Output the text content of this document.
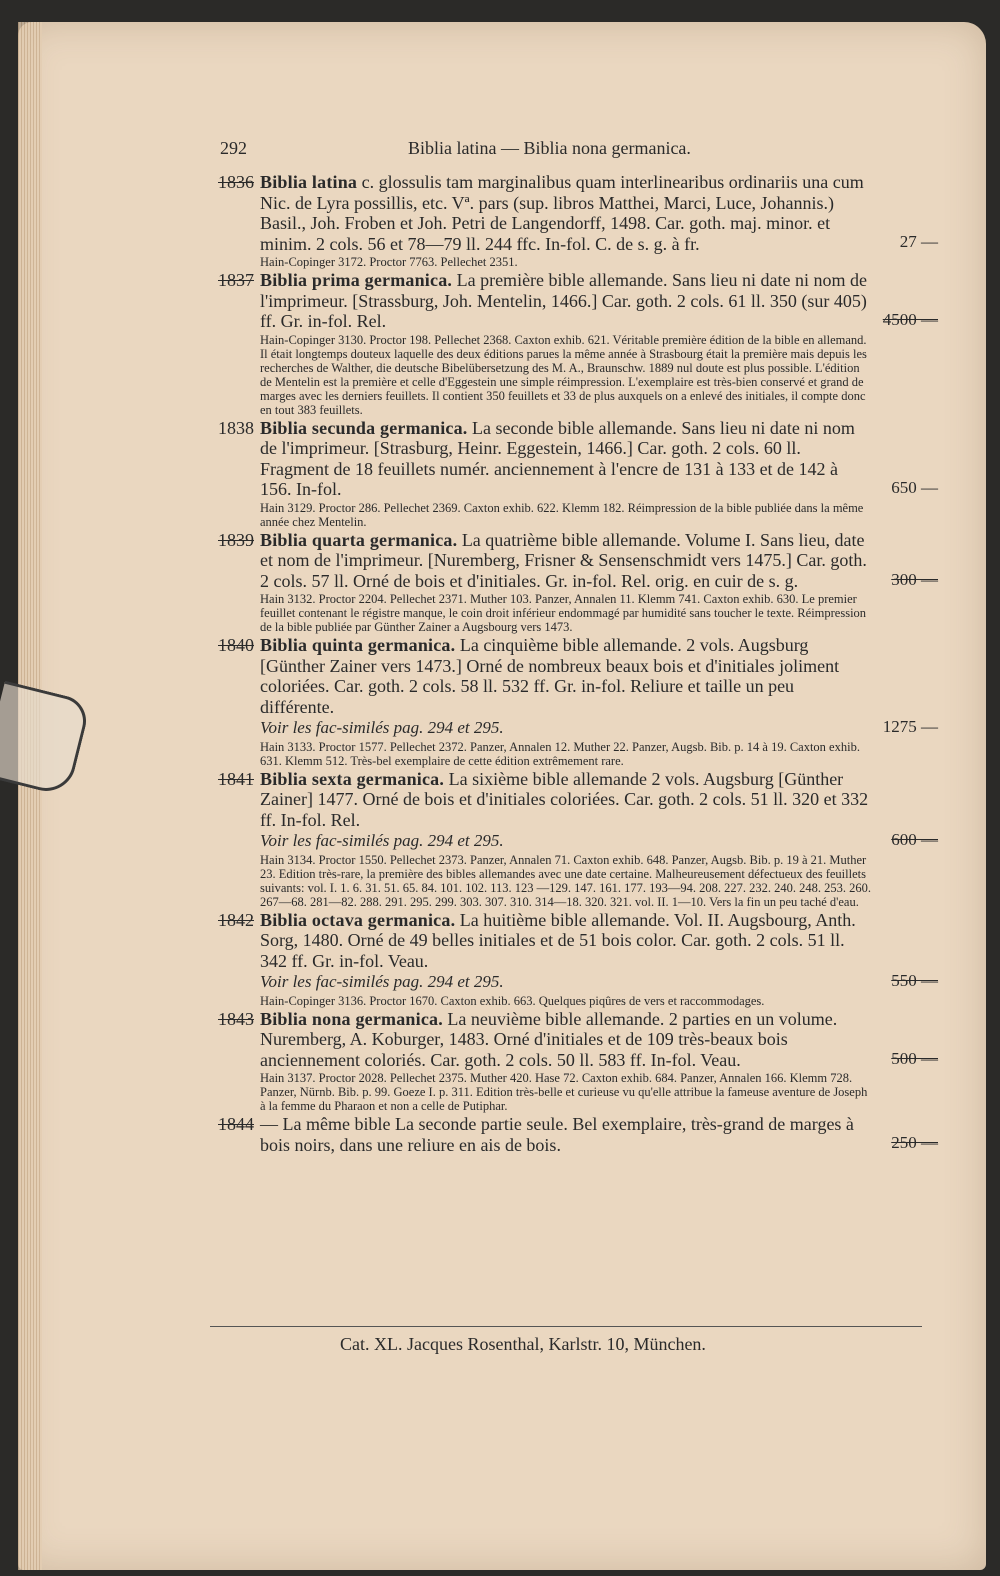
292	Biblia latina — Biblia nona germanica.
1836 Biblia latina c. glossulis tam marginalibus quam interlinearibus ordinariis una cum Nic. de Lyra possillis, etc. Vª. pars (sup. libros Matthei, Marci, Luce, Johannis.) Basil., Joh. Froben et Joh. Petri de Langendorff, 1498. Car. goth. maj. minor. et minim. 2 cols. 56 et 78—79 ll. 244 ffc. In-fol. C. de s. g. à fr.	27 —
Hain-Copinger 3172. Proctor 7763. Pellechet 2351.
1837 Biblia prima germanica. La première bible allemande. Sans lieu ni date ni nom de l'imprimeur. [Strassburg, Joh. Mentelin, 1466.] Car. goth. 2 cols. 61 ll. 350 (sur 405) ff. Gr. in-fol. Rel.	4500 —
Hain-Copinger 3130. Proctor 198. Pellechet 2368. Caxton exhib. 621. Véritable première édition de la bible en allemand. Il était longtemps douteux laquelle des deux éditions parues la même année à Strasbourg était la première mais depuis les recherches de Walther, die deutsche Bibelübersetzung des M. A., Braunschw. 1889 nul doute est plus possible. L'édition de Mentelin est la première et celle d'Eggestein une simple réimpression. L'exemplaire est très-bien conservé et grand de marges avec les derniers feuillets. Il contient 350 feuillets et 33 de plus auxquels on a enlevé des initiales, il compte donc en tout 383 feuillets.
1838 Biblia secunda germanica. La seconde bible allemande. Sans lieu ni date ni nom de l'imprimeur. [Strasburg, Heinr. Eggestein, 1466.] Car. goth. 2 cols. 60 ll. Fragment de 18 feuillets numér. anciennement à l'encre de 131 à 133 et de 142 à 156. In-fol.	650 —
Hain 3129. Proctor 286. Pellechet 2369. Caxton exhib. 622. Klemm 182. Réimpression de la bible publiée dans la même année chez Mentelin.
1839 Biblia quarta germanica. La quatrième bible allemande. Volume I. Sans lieu, date et nom de l'imprimeur. [Nuremberg, Frisner & Sensenschmidt vers 1475.] Car. goth. 2 cols. 57 ll. Orné de bois et d'initiales. Gr. in-fol. Rel. orig. en cuir de s. g.	300 —
Hain 3132. Proctor 2204. Pellechet 2371. Muther 103. Panzer, Annalen 11. Klemm 741. Caxton exhib. 630. Le premier feuillet contenant le régistre manque, le coin droit inférieur endommagé par humidité sans toucher le texte. Réimpression de la bible publiée par Günther Zainer a Augsbourg vers 1473.
1840 Biblia quinta germanica. La cinquième bible allemande. 2 vols. Augsburg [Günther Zainer vers 1473.] Orné de nombreux beaux bois et d'initiales joliment coloriées. Car. goth. 2 cols. 58 ll. 532 ff. Gr. in-fol. Reliure et taille un peu différente.
Voir les fac-similés pag. 294 et 295.	1275 —
Hain 3133. Proctor 1577. Pellechet 2372. Panzer, Annalen 12. Muther 22. Panzer, Augsb. Bib. p. 14 à 19. Caxton exhib. 631. Klemm 512. Très-bel exemplaire de cette édition extrêmement rare.
1841 Biblia sexta germanica. La sixième bible allemande 2 vols. Augsburg [Günther Zainer] 1477. Orné de bois et d'initiales coloriées. Car. goth. 2 cols. 51 ll. 320 et 332 ff. In-fol. Rel.
Voir les fac-similés pag. 294 et 295.	600 —
Hain 3134. Proctor 1550. Pellechet 2373. Panzer, Annalen 71. Caxton exhib. 648. Panzer, Augsb. Bib. p. 19 à 21. Muther 23. Edition très-rare, la première des bibles allemandes avec une date certaine. Malheureusement défectueux des feuillets suivants: vol. I. 1. 6. 31. 51. 65. 84. 101. 102. 113. 123 —129. 147. 161. 177. 193—94. 208. 227. 232. 240. 248. 253. 260. 267—68. 281—82. 288. 291. 295. 299. 303. 307. 310. 314—18. 320. 321. vol. II. 1—10. Vers la fin un peu taché d'eau.
1842 Biblia octava germanica. La huitième bible allemande. Vol. II. Augsbourg, Anth. Sorg, 1480. Orné de 49 belles initiales et de 51 bois color. Car. goth. 2 cols. 51 ll. 342 ff. Gr. in-fol. Veau.
Voir les fac-similés pag. 294 et 295.	550 —
Hain-Copinger 3136. Proctor 1670. Caxton exhib. 663. Quelques piqûres de vers et raccommodages.
1843 Biblia nona germanica. La neuvième bible allemande. 2 parties en un volume. Nuremberg, A. Koburger, 1483. Orné d'initiales et de 109 très-beaux bois anciennement coloriés. Car. goth. 2 cols. 50 ll. 583 ff. In-fol. Veau.	500 —
Hain 3137. Proctor 2028. Pellechet 2375. Muther 420. Hase 72. Caxton exhib. 684. Panzer, Annalen 166. Klemm 728. Panzer, Nürnb. Bib. p. 99. Goeze I. p. 311. Edition très-belle et curieuse vu qu'elle attribue la fameuse aventure de Joseph à la femme du Pharaon et non a celle de Putiphar.
1844 — La même bible La seconde partie seule. Bel exemplaire, très-grand de marges à bois noirs, dans une reliure en ais de bois.	250 —
Cat. XL. Jacques Rosenthal, Karlstr. 10, München.
